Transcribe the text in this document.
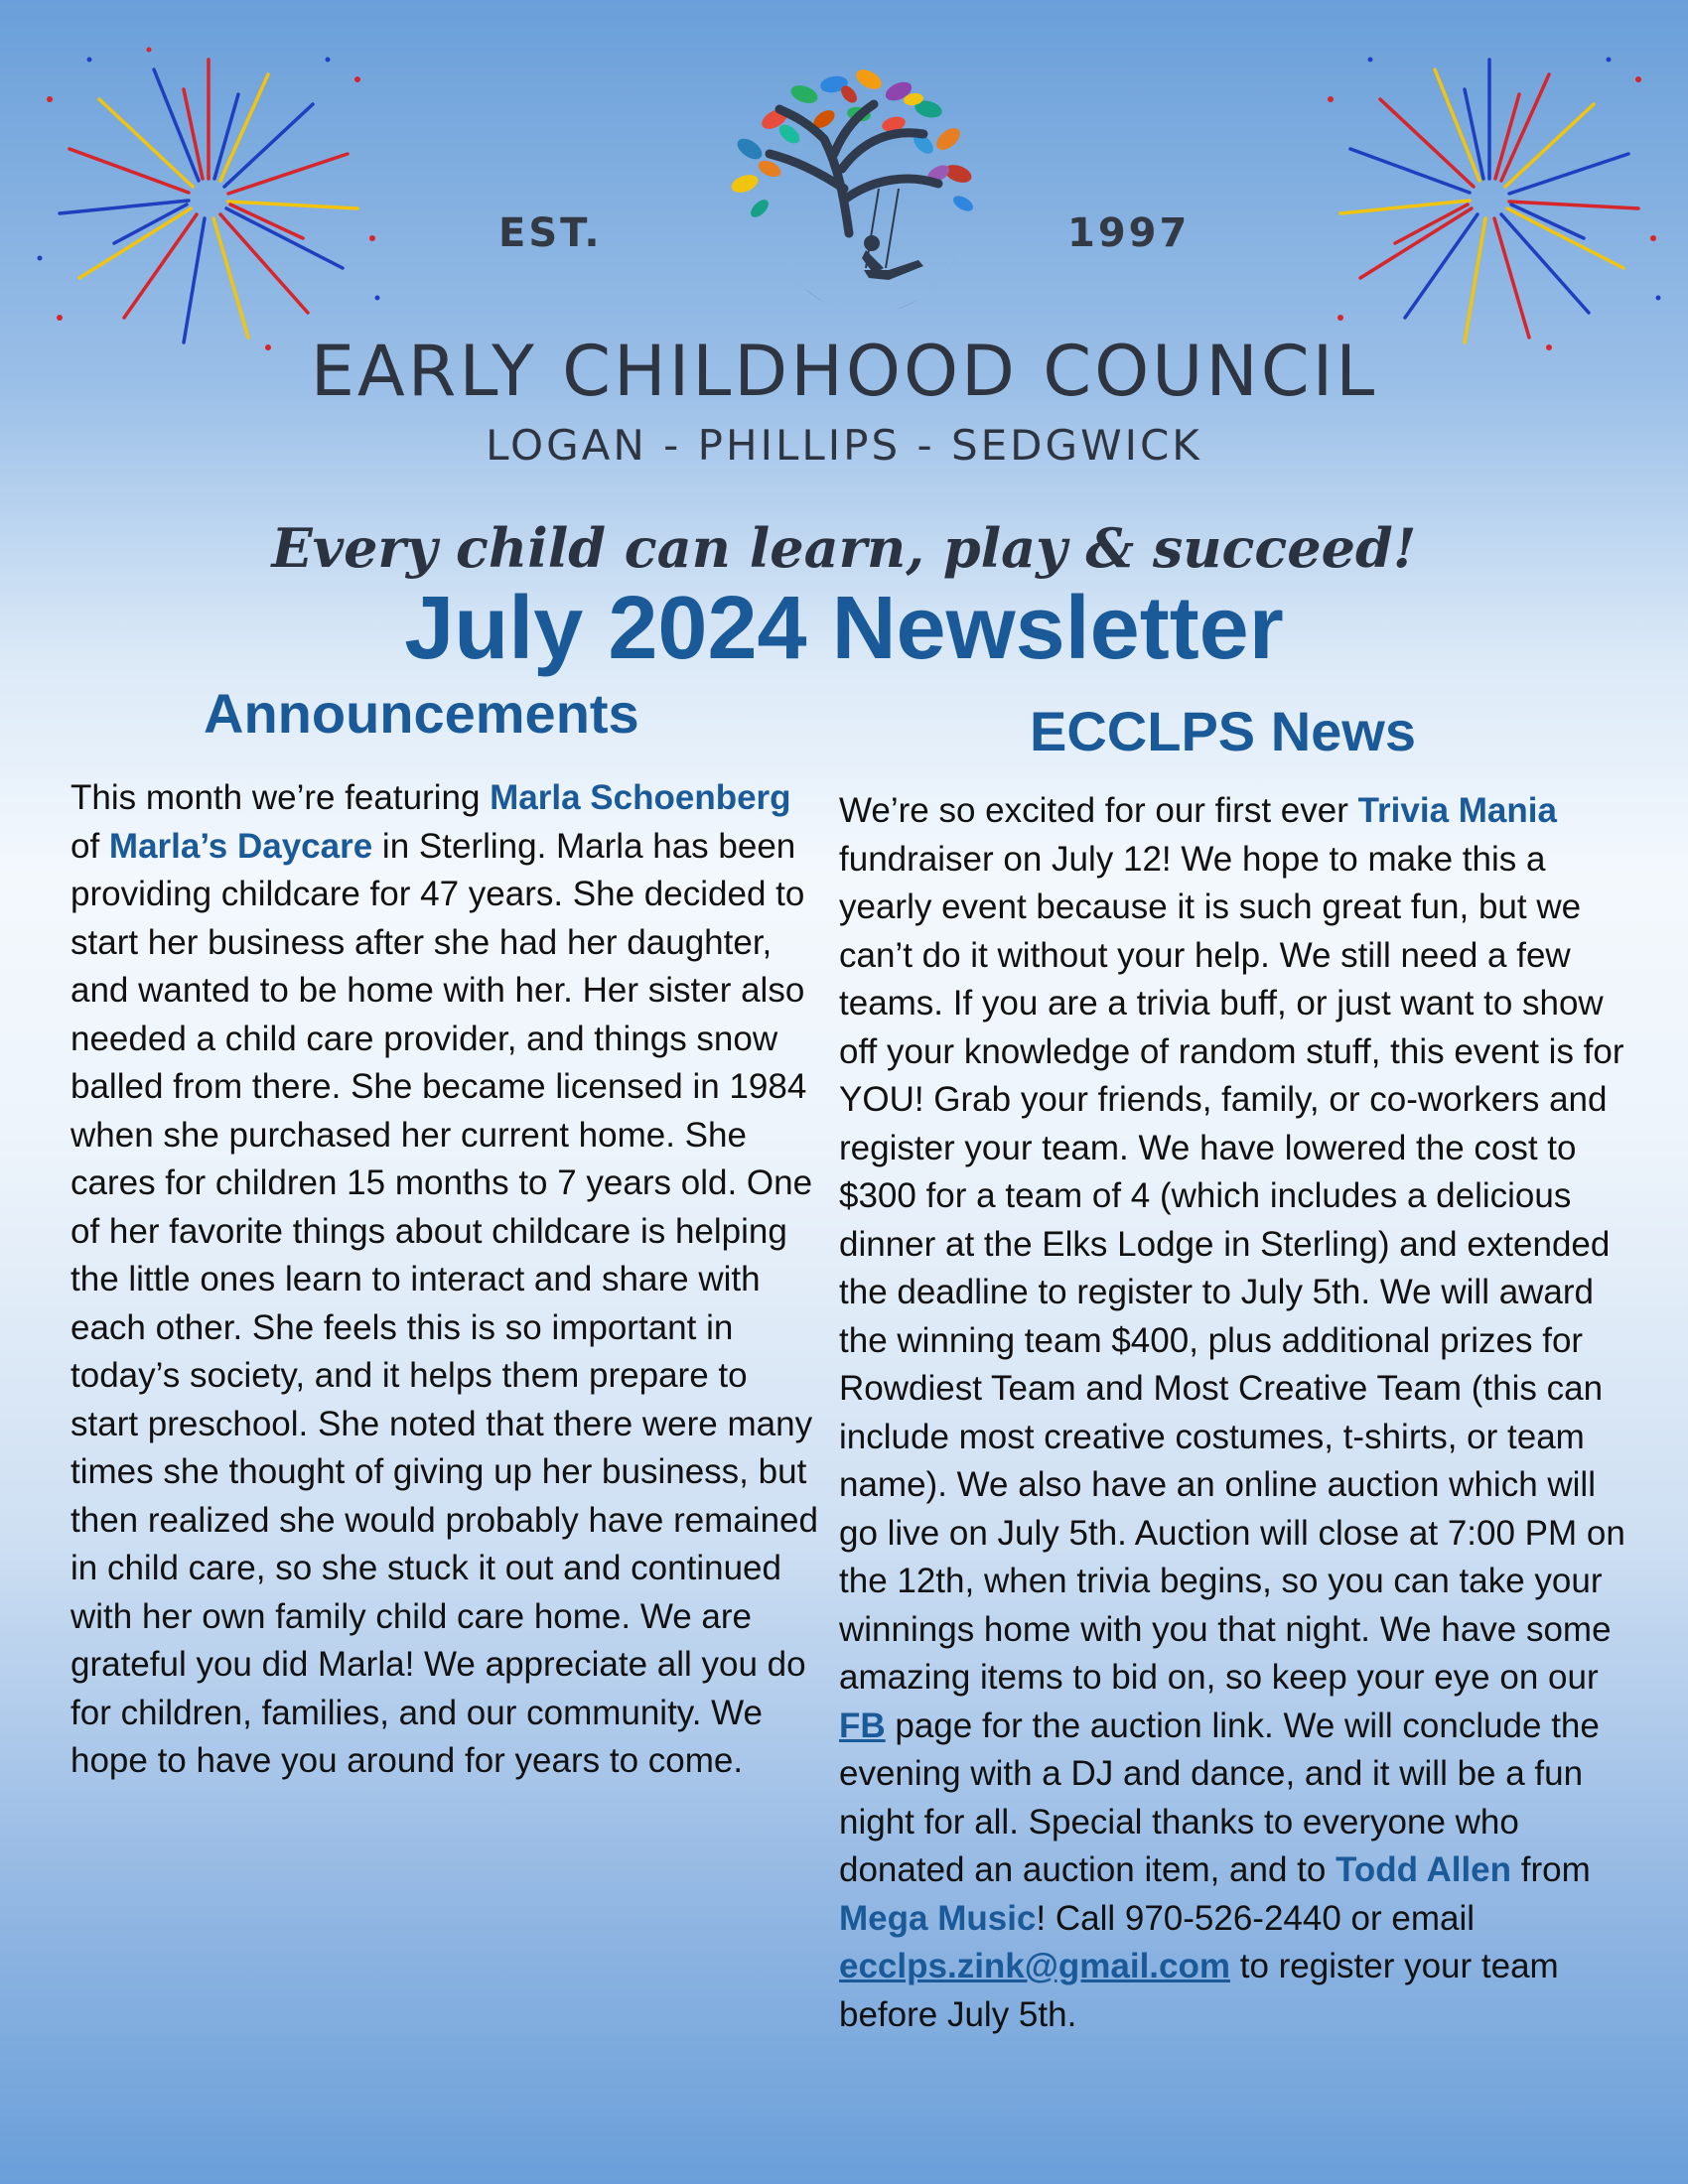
EST.	1997
EARLY CHILDHOOD COUNCIL
LOGAN - PHILLIPS - SEDGWICK
Every child can learn, play & succeed!
July 2024 Newsletter
Announcements	ECCLPS News
This month we’re featuring Marla Schoenberg of Marla’s Daycare in Sterling. Marla has been providing childcare for 47 years. She decided to start her business after she had her daughter, and wanted to be home with her. Her sister also needed a child care provider, and things snow balled from there. She became licensed in 1984 when she purchased her current home. She cares for children 15 months to 7 years old. One of her favorite things about childcare is helping the little ones learn to interact and share with each other. She feels this is so important in today’s society, and it helps them prepare to start preschool. She noted that there were many times she thought of giving up her business, but then realized she would probably have remained in child care, so she stuck it out and continued with her own family child care home. We are grateful you did Marla! We appreciate all you do for children, families, and our community. We hope to have you around for years to come.
We’re so excited for our first ever Trivia Mania fundraiser on July 12! We hope to make this a yearly event because it is such great fun, but we can’t do it without your help. We still need a few teams. If you are a trivia buff, or just want to show off your knowledge of random stuff, this event is for YOU! Grab your friends, family, or co-workers and register your team. We have lowered the cost to $300 for a team of 4 (which includes a delicious dinner at the Elks Lodge in Sterling) and extended the deadline to register to July 5th. We will award the winning team $400, plus additional prizes for Rowdiest Team and Most Creative Team (this can include most creative costumes, t-shirts, or team name). We also have an online auction which will go live on July 5th. Auction will close at 7:00 PM on the 12th, when trivia begins, so you can take your winnings home with you that night. We have some amazing items to bid on, so keep your eye on our FB page for the auction link. We will conclude the evening with a DJ and dance, and it will be a fun night for all. Special thanks to everyone who donated an auction item, and to Todd Allen from Mega Music! Call 970-526-2440 or email ecclps.zink@gmail.com to register your team before July 5th.
